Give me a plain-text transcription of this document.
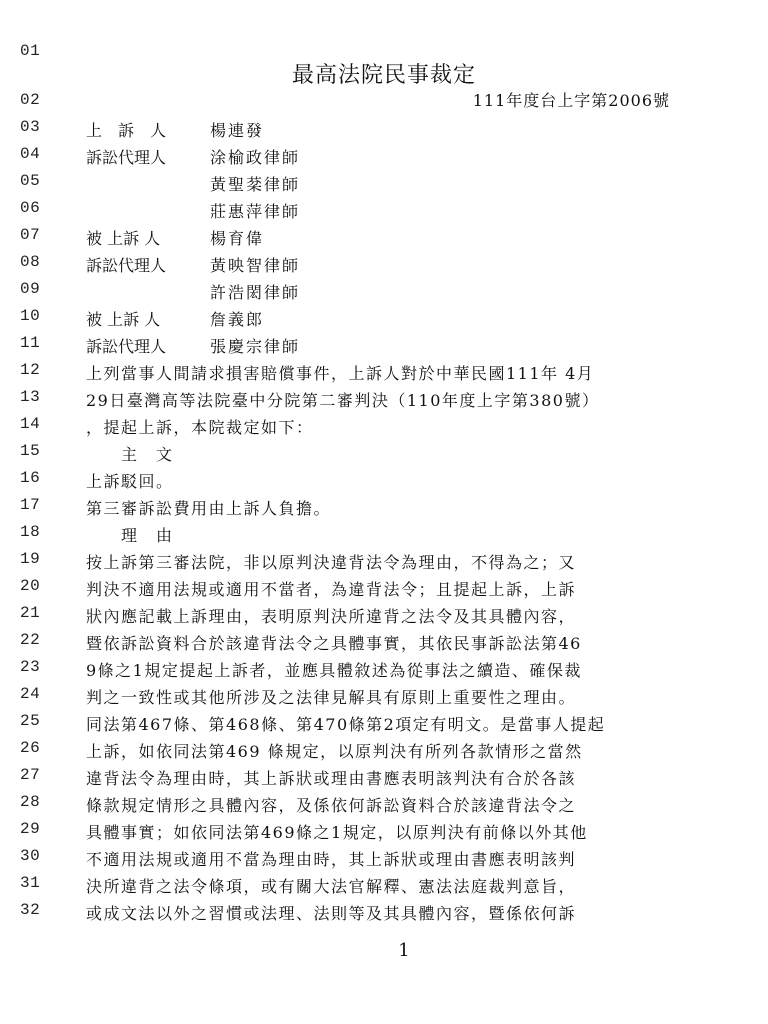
01
02
03
04
05
06
07
08
09
10
11
12
13
14
15
16
17
18
19
20
21
22
23
24
25
26
27
28
29
30
31
32
最高法院民事裁定
111年度台上字第2006號
上　訴　人	楊連發
訴訟代理人	涂榆政律師
黃聖棻律師
莊惠萍律師
被 上訴 人	楊育偉
訴訟代理人	黃映智律師
許浩閎律師
被 上訴 人	詹義郎
訴訟代理人	張慶宗律師
上列當事人間請求損害賠償事件，上訴人對於中華民國111年 4月
29日臺灣高等法院臺中分院第二審判決（110年度上字第380號）
，提起上訴，本院裁定如下：
　　主　文
上訴駁回。
第三審訴訟費用由上訴人負擔。
　　理　由
按上訴第三審法院，非以原判決違背法令為理由，不得為之；又
判決不適用法規或適用不當者，為違背法令；且提起上訴，上訴
狀內應記載上訴理由，表明原判決所違背之法令及其具體內容，
暨依訴訟資料合於該違背法令之具體事實，其依民事訴訟法第46
9條之1規定提起上訴者，並應具體敘述為從事法之續造、確保裁
判之一致性或其他所涉及之法律見解具有原則上重要性之理由。
同法第467條、第468條、第470條第2項定有明文。是當事人提起
上訴，如依同法第469 條規定，以原判決有所列各款情形之當然
違背法令為理由時，其上訴狀或理由書應表明該判決有合於各該
條款規定情形之具體內容，及係依何訴訟資料合於該違背法令之
具體事實；如依同法第469條之1規定，以原判決有前條以外其他
不適用法規或適用不當為理由時，其上訴狀或理由書應表明該判
決所違背之法令條項，或有關大法官解釋、憲法法庭裁判意旨，
或成文法以外之習慣或法理、法則等及其具體內容，暨係依何訴
1
